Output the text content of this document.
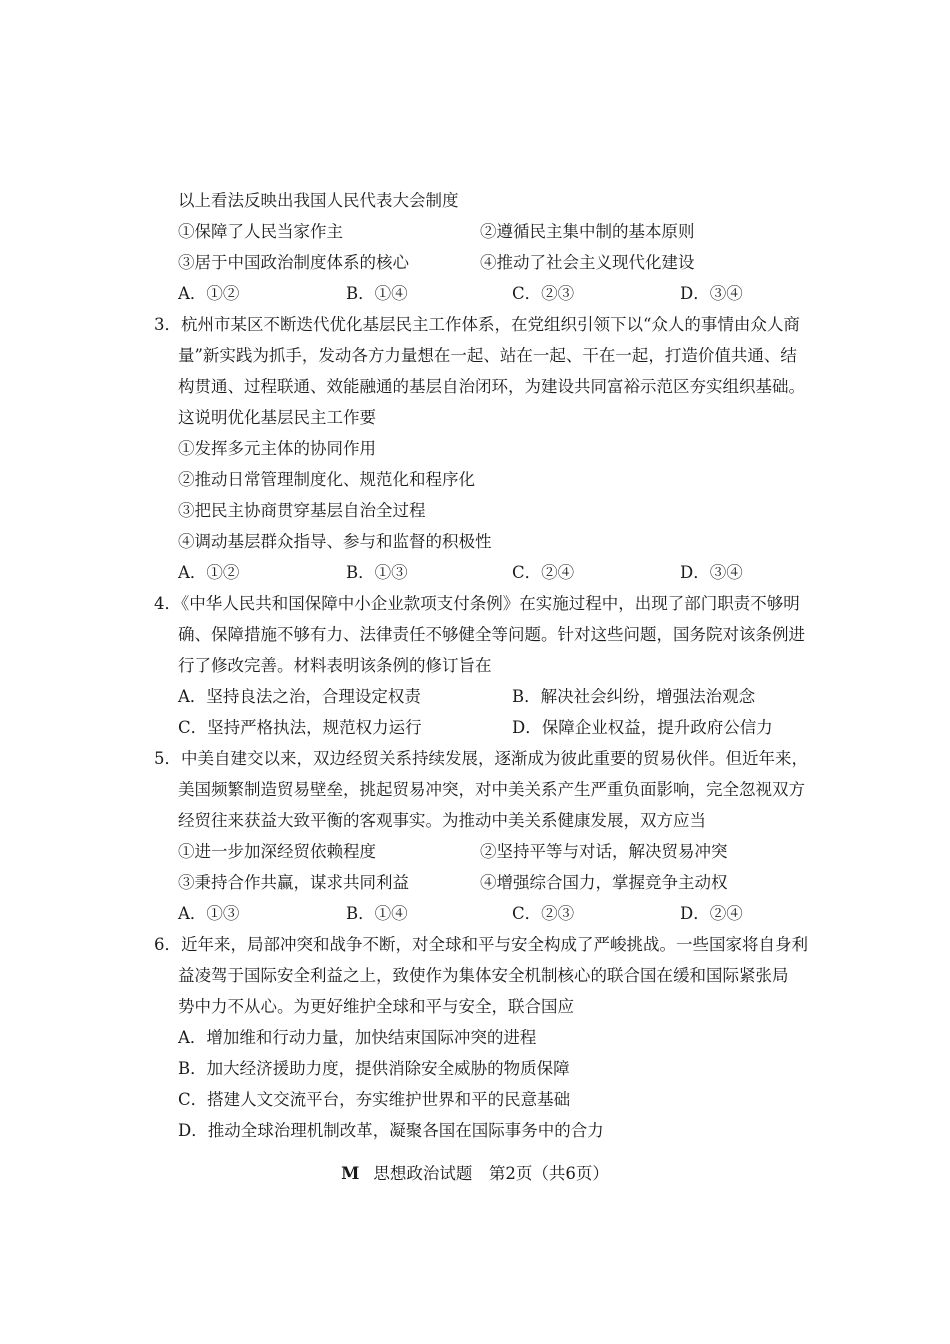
以上看法反映出我国人民代表大会制度
①保障了人民当家作主	②遵循民主集中制的基本原则
③居于中国政治制度体系的核心	④推动了社会主义现代化建设
A．①②	B．①④	C．②③	D．③④
3．杭州市某区不断迭代优化基层民主工作体系，在党组织引领下以“众人的事情由众人商
量”新实践为抓手，发动各方力量想在一起、站在一起、干在一起，打造价值共通、结
构贯通、过程联通、效能融通的基层自治闭环，为建设共同富裕示范区夯实组织基础。
这说明优化基层民主工作要
①发挥多元主体的协同作用
②推动日常管理制度化、规范化和程序化
③把民主协商贯穿基层自治全过程
④调动基层群众指导、参与和监督的积极性
A．①②	B．①③	C．②④	D．③④
4．《中华人民共和国保障中小企业款项支付条例》在实施过程中，出现了部门职责不够明
确、保障措施不够有力、法律责任不够健全等问题。针对这些问题，国务院对该条例进
行了修改完善。材料表明该条例的修订旨在
A．坚持良法之治，合理设定权责	B．解决社会纠纷，增强法治观念
C．坚持严格执法，规范权力运行	D．保障企业权益，提升政府公信力
5．中美自建交以来，双边经贸关系持续发展，逐渐成为彼此重要的贸易伙伴。但近年来，
美国频繁制造贸易壁垒，挑起贸易冲突，对中美关系产生严重负面影响，完全忽视双方
经贸往来获益大致平衡的客观事实。为推动中美关系健康发展，双方应当
①进一步加深经贸依赖程度	②坚持平等与对话，解决贸易冲突
③秉持合作共赢，谋求共同利益	④增强综合国力，掌握竞争主动权
A．①③	B．①④	C．②③	D．②④
6．近年来，局部冲突和战争不断，对全球和平与安全构成了严峻挑战。一些国家将自身利
益凌驾于国际安全利益之上，致使作为集体安全机制核心的联合国在缓和国际紧张局
势中力不从心。为更好维护全球和平与安全，联合国应
A．增加维和行动力量，加快结束国际冲突的进程
B．加大经济援助力度，提供消除安全威胁的物质保障
C．搭建人文交流平台，夯实维护世界和平的民意基础
D．推动全球治理机制改革，凝聚各国在国际事务中的合力
M 思想政治试题　第2页（共6页）
